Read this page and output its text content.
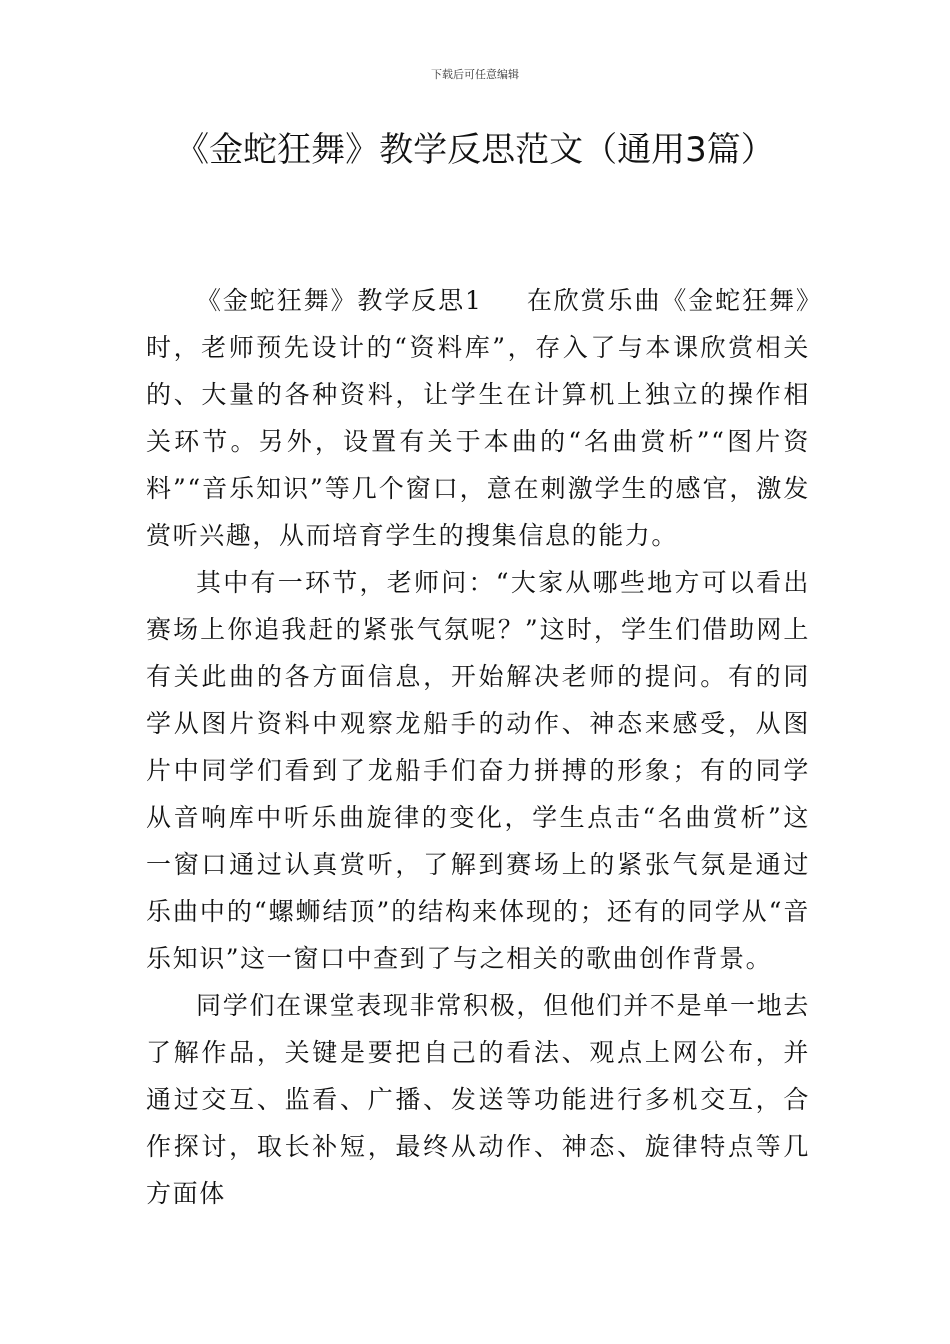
下载后可任意编辑
《金蛇狂舞》教学反思范文（通用3篇）

《金蛇狂舞》教学反思1 在欣赏乐曲《金蛇狂舞》时，老师预先设计的“资料库”，存入了与本课欣赏相关的、大量的各种资料，让学生在计算机上独立的操作相关环节。另外，设置有关于本曲的“名曲赏析”“图片资料”“音乐知识”等几个窗口，意在刺激学生的感官，激发赏听兴趣，从而培育学生的搜集信息的能力。

其中有一环节，老师问：“大家从哪些地方可以看出赛场上你追我赶的紧张气氛呢？”这时，学生们借助网上有关此曲的各方面信息，开始解决老师的提问。有的同学从图片资料中观察龙船手的动作、神态来感受，从图片中同学们看到了龙船手们奋力拼搏的形象；有的同学从音响库中听乐曲旋律的变化，学生点击“名曲赏析”这一窗口通过认真赏听，了解到赛场上的紧张气氛是通过乐曲中的“螺蛳结顶”的结构来体现的；还有的同学从“音乐知识”这一窗口中查到了与之相关的歌曲创作背景。

同学们在课堂表现非常积极，但他们并不是单一地去了解作品，关键是要把自己的看法、观点上网公布，并通过交互、监看、广播、发送等功能进行多机交互，合作探讨，取长补短，最终从动作、神态、旋律特点等几方面体
